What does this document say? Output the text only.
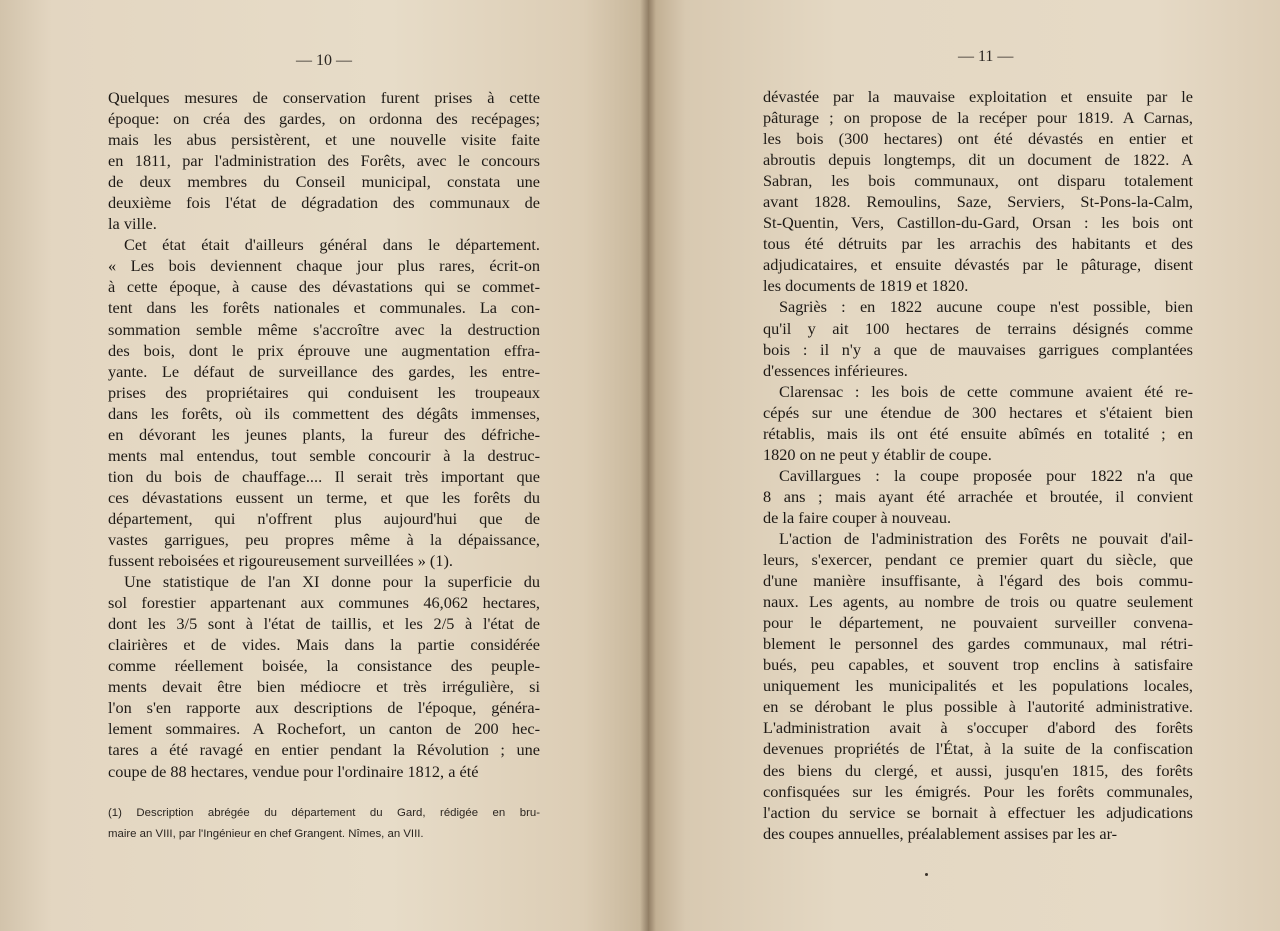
— 10 —
Quelques mesures de conservation furent prises à cette
époque: on créa des gardes, on ordonna des recépages;
mais les abus persistèrent, et une nouvelle visite faite
en 1811, par l'administration des Forêts, avec le concours
de deux membres du Conseil municipal, constata une
deuxième fois l'état de dégradation des communaux de
la ville.
Cet état était d'ailleurs général dans le département.
« Les bois deviennent chaque jour plus rares, écrit-on
à cette époque, à cause des dévastations qui se commet-
tent dans les forêts nationales et communales. La con-
sommation semble même s'accroître avec la destruction
des bois, dont le prix éprouve une augmentation effra-
yante. Le défaut de surveillance des gardes, les entre-
prises des propriétaires qui conduisent les troupeaux
dans les forêts, où ils commettent des dégâts immenses,
en dévorant les jeunes plants, la fureur des défriche-
ments mal entendus, tout semble concourir à la destruc-
tion du bois de chauffage.... Il serait très important que
ces dévastations eussent un terme, et que les forêts du
département, qui n'offrent plus aujourd'hui que de
vastes garrigues, peu propres même à la dépaissance,
fussent reboisées et rigoureusement surveillées » (1).
Une statistique de l'an XI donne pour la superficie du
sol forestier appartenant aux communes 46,062 hectares,
dont les 3/5 sont à l'état de taillis, et les 2/5 à l'état de
clairières et de vides. Mais dans la partie considérée
comme réellement boisée, la consistance des peuple-
ments devait être bien médiocre et très irrégulière, si
l'on s'en rapporte aux descriptions de l'époque, généra-
lement sommaires. A Rochefort, un canton de 200 hec-
tares a été ravagé en entier pendant la Révolution ; une
coupe de 88 hectares, vendue pour l'ordinaire 1812, a été
(1) Description abrégée du département du Gard, rédigée en bru-
maire an VIII, par l'Ingénieur en chef Grangent. Nîmes, an VIII.
— 11 —
dévastée par la mauvaise exploitation et ensuite par le
pâturage ; on propose de la recéper pour 1819. A Carnas,
les bois (300 hectares) ont été dévastés en entier et
abroutis depuis longtemps, dit un document de 1822. A
Sabran, les bois communaux, ont disparu totalement
avant 1828. Remoulins, Saze, Serviers, St-Pons-la-Calm,
St-Quentin, Vers, Castillon-du-Gard, Orsan : les bois ont
tous été détruits par les arrachis des habitants et des
adjudicataires, et ensuite dévastés par le pâturage, disent
les documents de 1819 et 1820.
Sagriès : en 1822 aucune coupe n'est possible, bien
qu'il y ait 100 hectares de terrains désignés comme
bois : il n'y a que de mauvaises garrigues complantées
d'essences inférieures.
Clarensac : les bois de cette commune avaient été re-
cépés sur une étendue de 300 hectares et s'étaient bien
rétablis, mais ils ont été ensuite abîmés en totalité ; en
1820 on ne peut y établir de coupe.
Cavillargues : la coupe proposée pour 1822 n'a que
8 ans ; mais ayant été arrachée et broutée, il convient
de la faire couper à nouveau.
L'action de l'administration des Forêts ne pouvait d'ail-
leurs, s'exercer, pendant ce premier quart du siècle, que
d'une manière insuffisante, à l'égard des bois commu-
naux. Les agents, au nombre de trois ou quatre seulement
pour le département, ne pouvaient surveiller convena-
blement le personnel des gardes communaux, mal rétri-
bués, peu capables, et souvent trop enclins à satisfaire
uniquement les municipalités et les populations locales,
en se dérobant le plus possible à l'autorité administrative.
L'administration avait à s'occuper d'abord des forêts
devenues propriétés de l'État, à la suite de la confiscation
des biens du clergé, et aussi, jusqu'en 1815, des forêts
confisquées sur les émigrés. Pour les forêts communales,
l'action du service se bornait à effectuer les adjudications
des coupes annuelles, préalablement assises par les ar-
